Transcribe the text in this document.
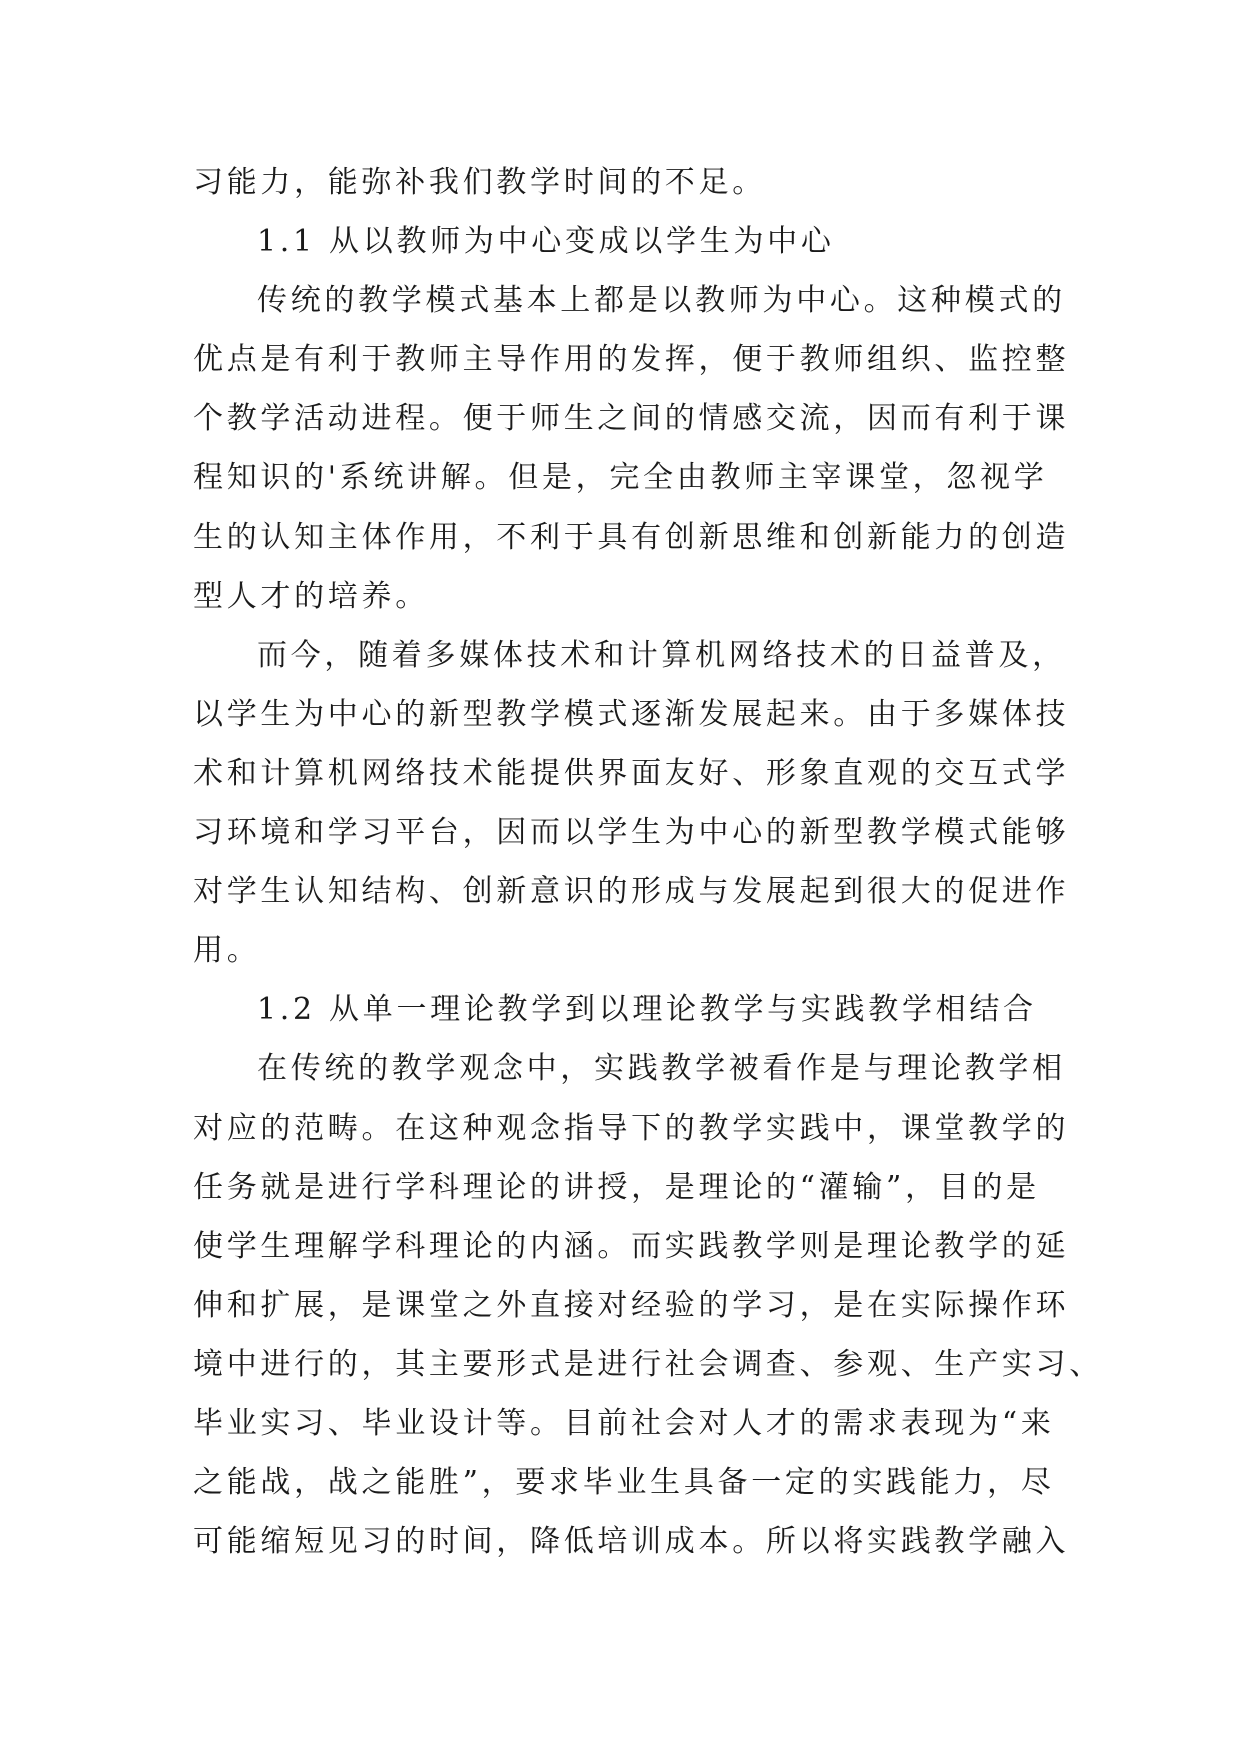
习能力，能弥补我们教学时间的不足。
1.1 从以教师为中心变成以学生为中心
传统的教学模式基本上都是以教师为中心。这种模式的
优点是有利于教师主导作用的发挥，便于教师组织、监控整
个教学活动进程。便于师生之间的情感交流，因而有利于课
程知识的'系统讲解。但是，完全由教师主宰课堂，忽视学
生的认知主体作用，不利于具有创新思维和创新能力的创造
型人才的培养。
而今，随着多媒体技术和计算机网络技术的日益普及，
以学生为中心的新型教学模式逐渐发展起来。由于多媒体技
术和计算机网络技术能提供界面友好、形象直观的交互式学
习环境和学习平台，因而以学生为中心的新型教学模式能够
对学生认知结构、创新意识的形成与发展起到很大的促进作
用。
1.2 从单一理论教学到以理论教学与实践教学相结合
在传统的教学观念中，实践教学被看作是与理论教学相
对应的范畴。在这种观念指导下的教学实践中，课堂教学的
任务就是进行学科理论的讲授，是理论的“灌输”，目的是
使学生理解学科理论的内涵。而实践教学则是理论教学的延
伸和扩展，是课堂之外直接对经验的学习，是在实际操作环
境中进行的，其主要形式是进行社会调查、参观、生产实习、
毕业实习、毕业设计等。目前社会对人才的需求表现为“来
之能战，战之能胜”，要求毕业生具备一定的实践能力，尽
可能缩短见习的时间，降低培训成本。所以将实践教学融入
